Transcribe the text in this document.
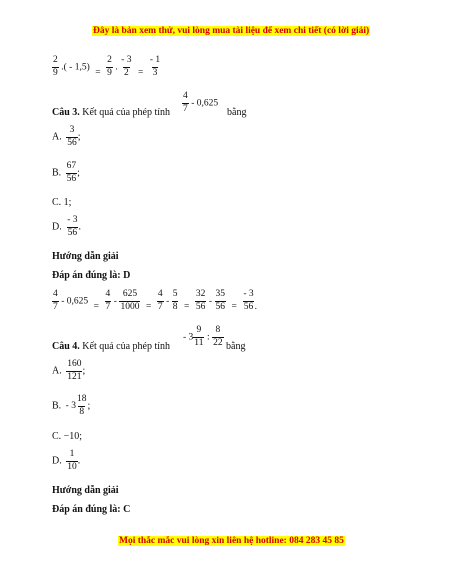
Đây là bản xem thử, vui lòng mua tài liệu để xem chi tiết (có lời giải)
$\frac{2}{9}$ .( - $1,5) = \frac{2}{9}$ . $\frac{- 3}{2} = \frac{- 1}{3}$
Câu 3. Kết quả của phép tính $\frac{4}{7} - 0,625$
bằng
A. $\frac{3}{56}$ ;
B. $\frac{67}{56}$ ;
C. 1;
D. $\frac{- 3}{56}$ .
Hướng dẫn giải
Đáp án đúng là: D
$\frac{4}{7} - 0,625 = \frac{4}{7} - \frac{625}{1000} = \frac{4}{7} - \frac{5}{8} = \frac{32}{56} - \frac{35}{56} = \frac{- 3}{56}$ .
Câu 4. Kết quả của phép tính
- $3 \frac{9}{11}$ : $\frac{8}{22}$ bằng
A. $\frac{160}{121}$ ;
B. - $3 \frac{18}{8}$ ;
C. −10;
D. $\frac{1}{10}$ .
Hướng dẫn giải
Đáp án đúng là: C
Mọi thắc mắc vui lòng xin liên hệ hotline: 084 283 45 85
